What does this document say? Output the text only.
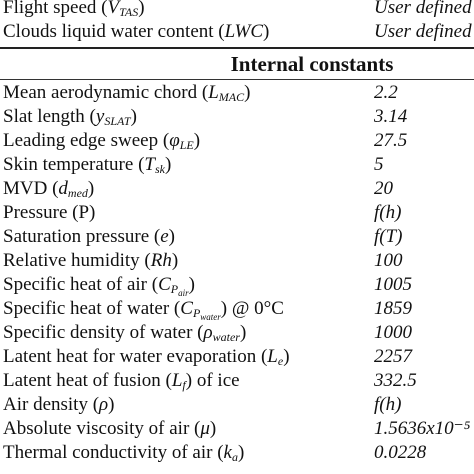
Flight speed $(V_{TAS})$	User defined
Clouds liquid water content (LWC)	User defined
Internal constants
Mean aerodynamic chord $(L_{MAC})$	2.2
Slat length $(y_{SLAT})$	3.14
Leading edge sweep $(\varphi_{LE})$	27.5
Skin temperature $(T_{sk})$	5
MVD $(d_{med})$	20
Pressure (P)	f(h)
Saturation pressure (e)	f(T)
Relative humidity (Rh)	100
Specific heat of air $(C_{P_{air}})$	1005
Specific heat of water $(C_{P_{water}})$ @ 0°C	1859
Specific density of water $(\rho_{water})$	1000
Latent heat for water evaporation $(L_e)$	2257
Latent heat of fusion $(L_f)$ of ice	332.5
Air density (ρ)	f(h)
Absolute viscosity of air (μ)	1.5636x10⁻⁵
Thermal conductivity of air $(k_a)$	0.0228
